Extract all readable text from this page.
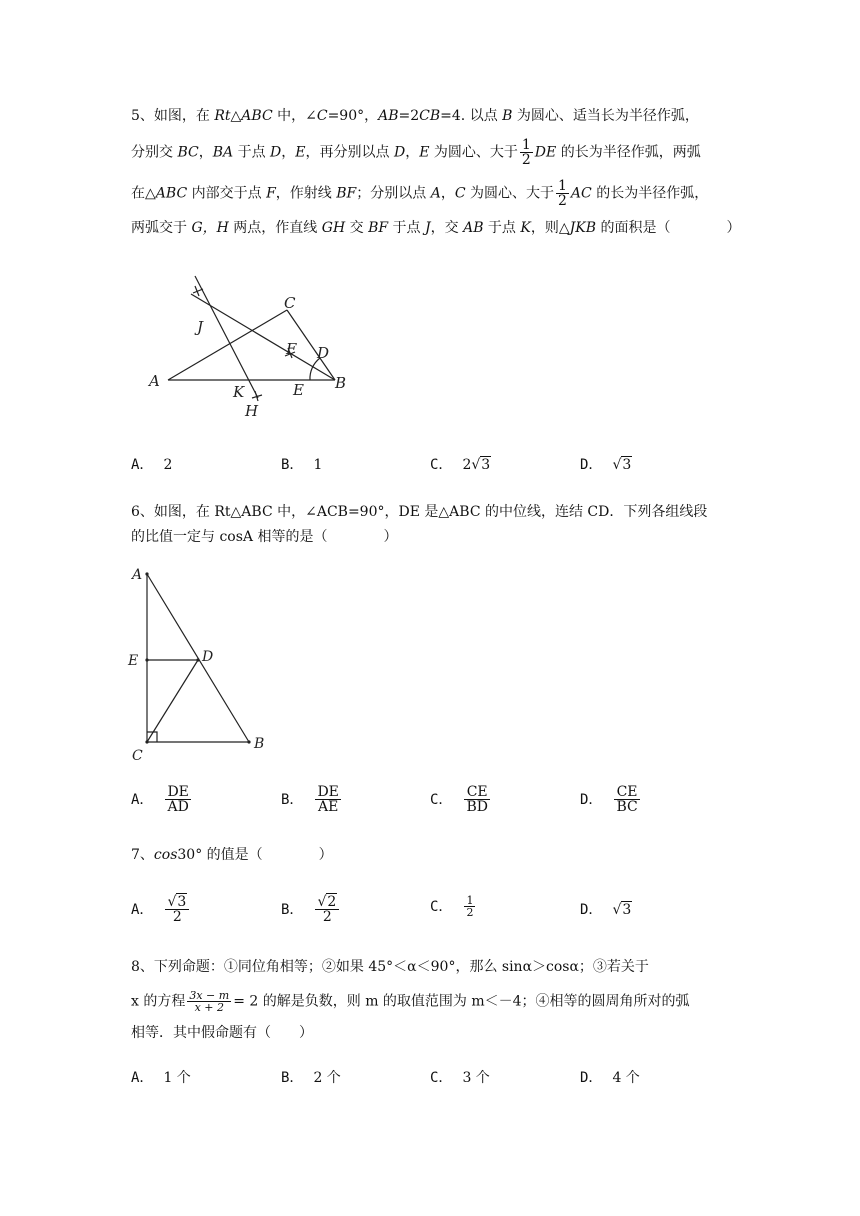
5、如图，在 Rt△ABC 中，∠C=90°，AB=2CB=4. 以点 B 为圆心、适当长为半径作弧，
分别交 BC，BA 于点 D，E，再分别以点 D，E 为圆心、大于 $\frac{1}{2}$ DE 的长为半径作弧，两弧
在△ABC 内部交于点 F，作射线 BF；分别以点 A，C 为圆心、大于 $\frac{1}{2}$ AC 的长为半径作弧，
两弧交于 G，H 两点，作直线 GH 交 BF 于点 J，交 AB 于点 K，则△JKB 的面积是（　　　　）
A	B
C
D
E
F
H
J
K
A． 2	B． 1	C． 2√3	D． √3
6、如图，在 Rt△ABC 中，∠ACB=90°，DE 是△ABC 的中位线，连结 CD．下列各组线段
的比值一定与 cosA 相等的是（　　　　）
A
E	D
C
B
A． $\frac{DE}{AD}$	B． $\frac{DE}{AE}$	C． $\frac{CE}{BD}$	D． $\frac{CE}{BC}$
7、cos30° 的值是（　　　　）
A． $\frac{√3}{2}$	B． $\frac{√2}{2}$	C． $\frac{1}{2}$	D． √3
8、下列命题：①同位角相等；②如果 45°＜α＜90°，那么 sinα＞cosα；③若关于
x 的方程 $\frac{3x - m}{x + 2} = 2$ 的解是负数，则 m 的取值范围为 m＜－4；④相等的圆周角所对的弧
相等．其中假命题有（　　）
A． 1 个	B． 2 个	C． 3 个	D． 4 个
